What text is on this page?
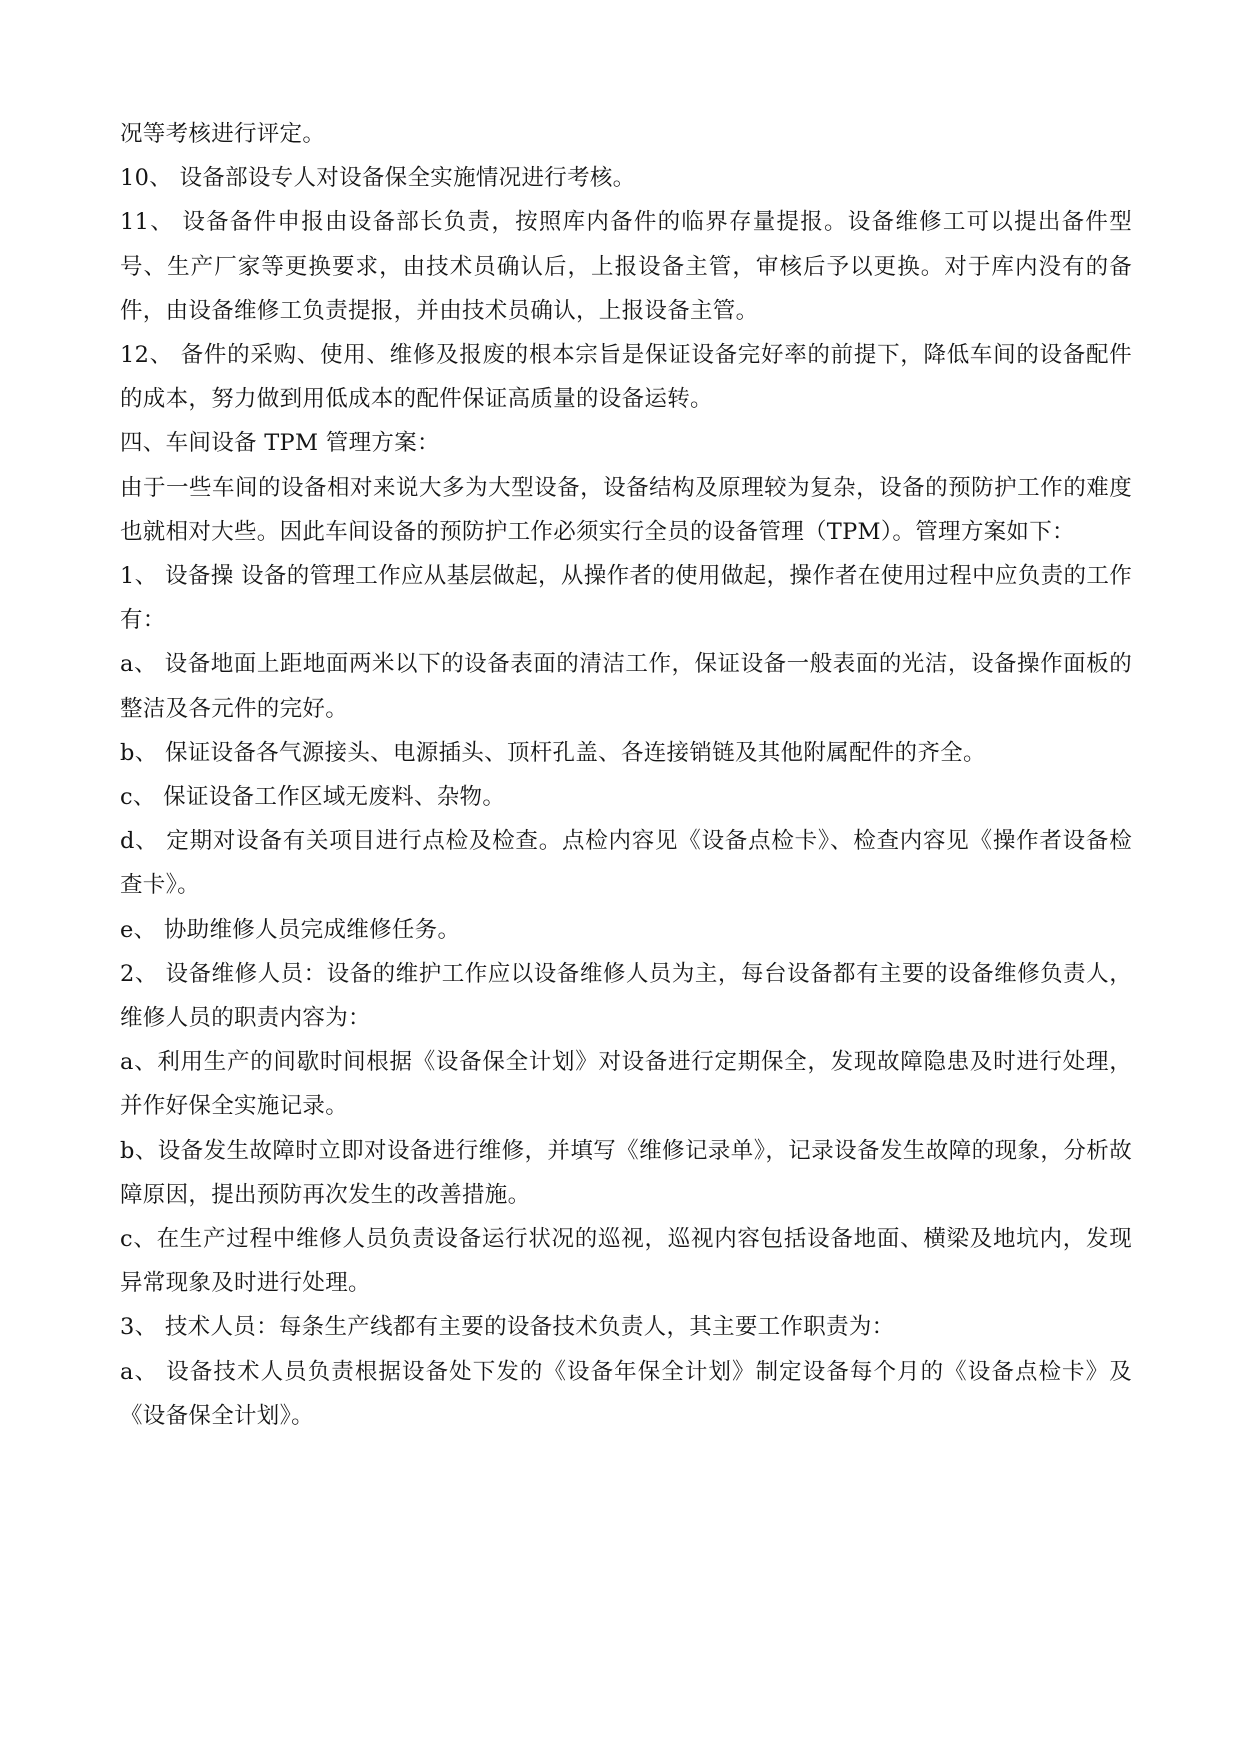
况等考核进行评定。

10、 设备部设专人对设备保全实施情况进行考核。

11、 设备备件申报由设备部长负责，按照库内备件的临界存量提报。设备维修工可以提出备件型号、生产厂家等更换要求，由技术员确认后，上报设备主管，审核后予以更换。对于库内没有的备件，由设备维修工负责提报，并由技术员确认，上报设备主管。

12、 备件的采购、使用、维修及报废的根本宗旨是保证设备完好率的前提下，降低车间的设备配件的成本，努力做到用低成本的配件保证高质量的设备运转。

四、车间设备 TPM 管理方案：

由于一些车间的设备相对来说大多为大型设备，设备结构及原理较为复杂，设备的预防护工作的难度也就相对大些。因此车间设备的预防护工作必须实行全员的设备管理（TPM）。管理方案如下：

1、 设备操 设备的管理工作应从基层做起，从操作者的使用做起，操作者在使用过程中应负责的工作有：

a、 设备地面上距地面两米以下的设备表面的清洁工作，保证设备一般表面的光洁，设备操作面板的整洁及各元件的完好。

b、 保证设备各气源接头、电源插头、顶杆孔盖、各连接销链及其他附属配件的齐全。

c、 保证设备工作区域无废料、杂物。

d、 定期对设备有关项目进行点检及检查。点检内容见《设备点检卡》、检查内容见《操作者设备检查卡》。

e、 协助维修人员完成维修任务。

2、 设备维修人员：设备的维护工作应以设备维修人员为主，每台设备都有主要的设备维修负责人，维修人员的职责内容为：

a、利用生产的间歇时间根据《设备保全计划》对设备进行定期保全，发现故障隐患及时进行处理，并作好保全实施记录。

b、设备发生故障时立即对设备进行维修，并填写《维修记录单》，记录设备发生故障的现象，分析故障原因，提出预防再次发生的改善措施。

c、在生产过程中维修人员负责设备运行状况的巡视，巡视内容包括设备地面、横梁及地坑内，发现异常现象及时进行处理。

3、 技术人员：每条生产线都有主要的设备技术负责人，其主要工作职责为：

a、 设备技术人员负责根据设备处下发的《设备年保全计划》制定设备每个月的《设备点检卡》及《设备保全计划》。
